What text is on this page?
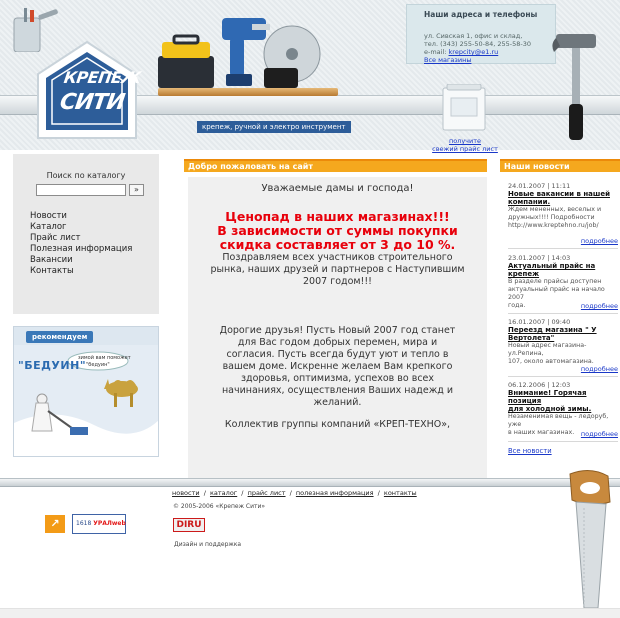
КРЕПЕЖ
СИТИ
крепеж, ручной и электро инструмент
Наши адреса и телефоны
ул. Сивская 1, офис и склад,
тел. (343) 255-50-84, 255-58-30
e-mail: krepcity@e1.ru
Все магазины
получите
свежий прайс лист
Поиск по каталогу
»
Новости
Каталог
Прайс лист
Полезная информация
Вакансии
Контакты
зимой вам поможет
"бедуин"
рекомендуем
"БЕДУИН"
Добро пожаловать на сайт	Наши новости
Уважаемые дамы и господа!
Ценопад в наших магазинах!!!
В зависимости от суммы покупки
скидка составляет от 3 до 10 %.
Поздравляем всех участников строительного
рынка, наших друзей и партнеров с Наступившим
2007 годом!!!
Дорогие друзья! Пусть Новый 2007 год станет
для Вас годом добрых перемен, мира и
согласия. Пусть всегда будут уют и тепло в
вашем доме. Искренне желаем Вам крепкого
здоровья, оптимизма, успехов во всех
начинаниях, осуществления Ваших надежд и
желаний.
Коллектив группы компаний «КРЕП-ТЕХНО»,
24.01.2007 | 11:11
Новые вакансии в нашей
компании.
Ждем мененных, веселых и
дружных!!!! Подробности
http://www.kreptehno.ru/job/
подробнее
23.01.2007 | 14:03
Актуальный прайс на крепеж
В разделе прайсы доступен
актуальный прайс на начало 2007
года.	подробнее
16.01.2007 | 09:40
Переезд магазина " У
Вертолета"
Новый адрес магазина-ул.Репина,
107, около автомагазина.
подробнее
06.12.2006 | 12:03
Внимание! Горячая позиция
для холодной зимы.
Незаменимая вещь - ледоруб, уже
в наших магазинах.	подробнее
Все новости
новости / каталог / прайс лист / полезная информация / контакты
© 2005-2006 «Крепеж Сити»
DIRU
Дизайн и поддержка
↗	1618 УРАЛweb
